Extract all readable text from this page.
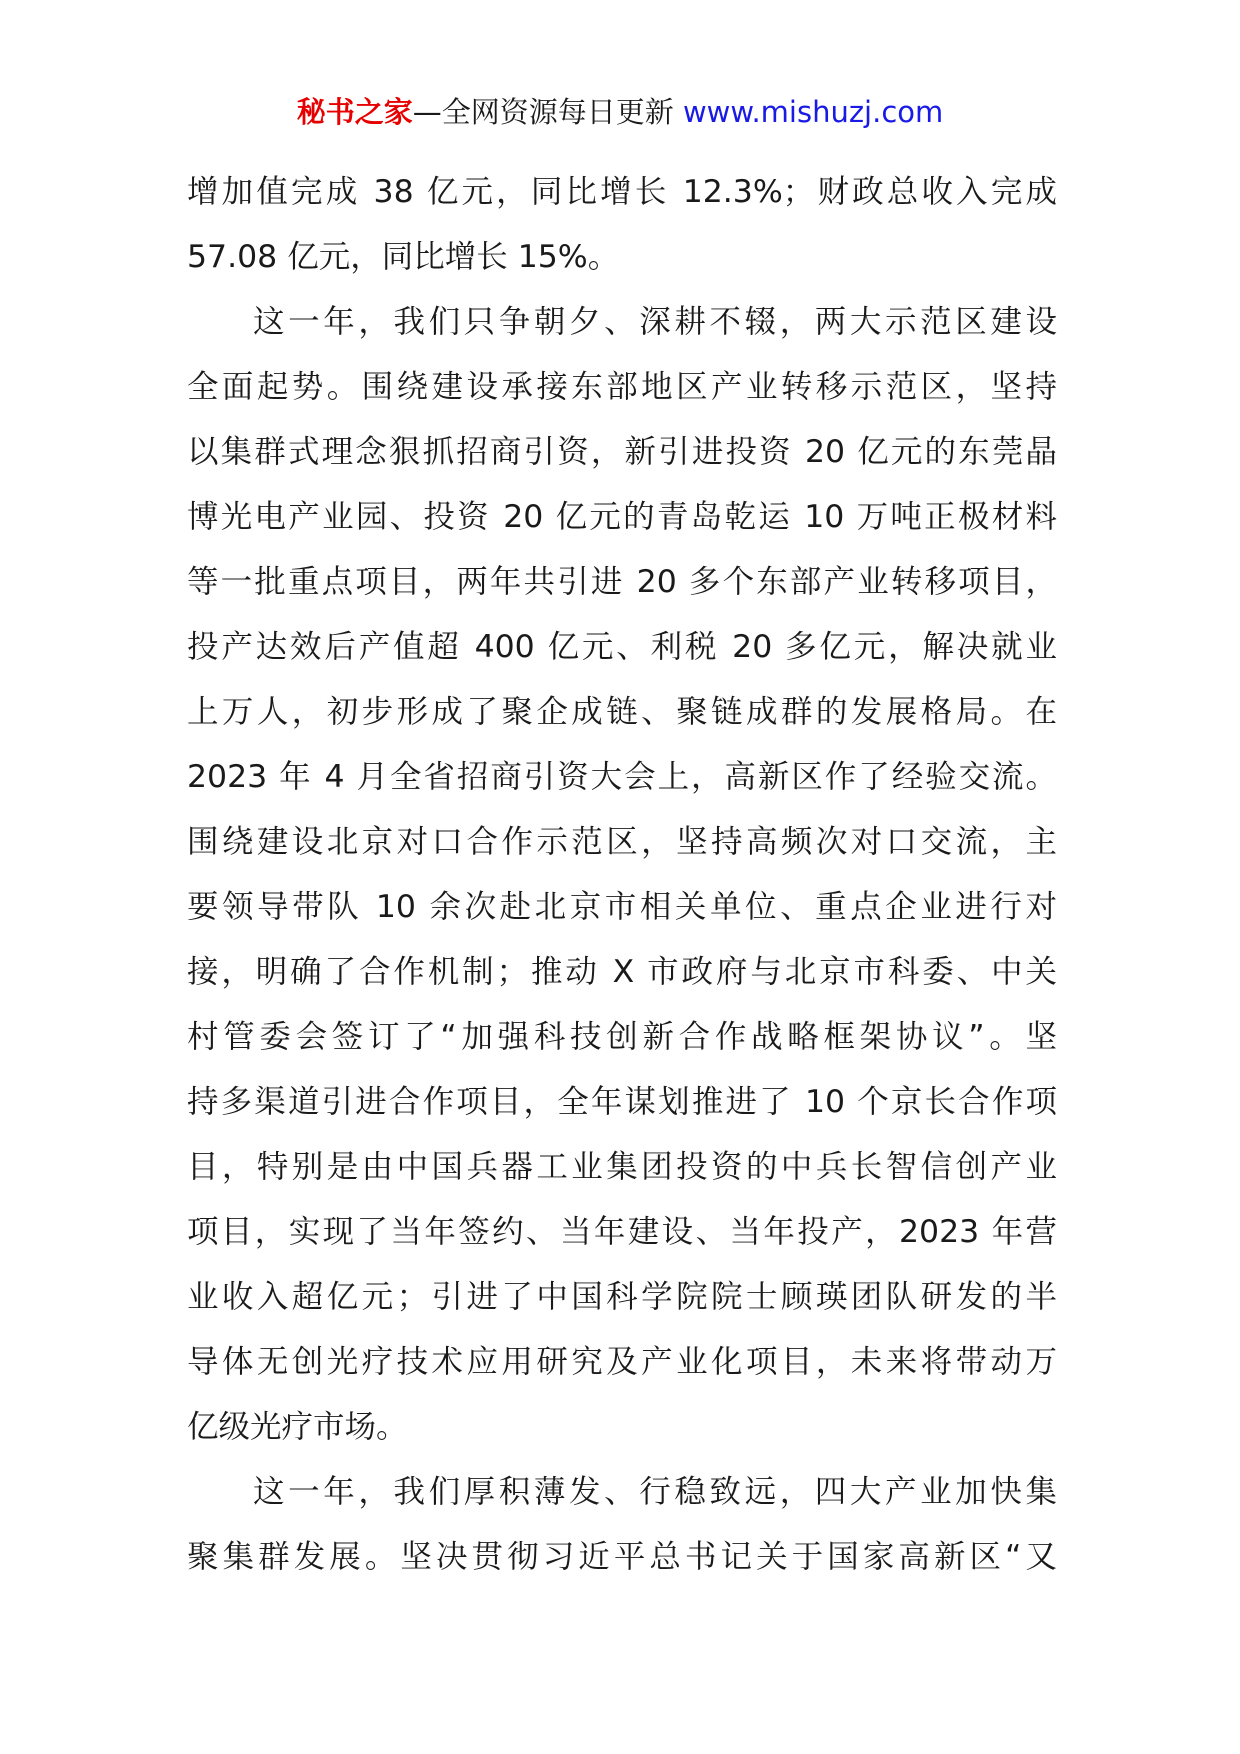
秘书之家—全网资源每日更新 www.mishuzj.com
增加值完成 38 亿元，同比增长 12.3%；财政总收入完成
57.08 亿元，同比增长 15%。
这一年，我们只争朝夕、深耕不辍，两大示范区建设
全面起势。围绕建设承接东部地区产业转移示范区，坚持
以集群式理念狠抓招商引资，新引进投资 20 亿元的东莞晶
博光电产业园、投资 20 亿元的青岛乾运 10 万吨正极材料
等一批重点项目，两年共引进 20 多个东部产业转移项目，
投产达效后产值超 400 亿元、利税 20 多亿元，解决就业
上万人，初步形成了聚企成链、聚链成群的发展格局。在
2023 年 4 月全省招商引资大会上，高新区作了经验交流。
围绕建设北京对口合作示范区，坚持高频次对口交流，主
要领导带队 10 余次赴北京市相关单位、重点企业进行对
接，明确了合作机制；推动 X 市政府与北京市科委、中关
村管委会签订了“加强科技创新合作战略框架协议”。坚
持多渠道引进合作项目，全年谋划推进了 10 个京长合作项
目，特别是由中国兵器工业集团投资的中兵长智信创产业
项目，实现了当年签约、当年建设、当年投产，2023 年营
业收入超亿元；引进了中国科学院院士顾瑛团队研发的半
导体无创光疗技术应用研究及产业化项目，未来将带动万
亿级光疗市场。
这一年，我们厚积薄发、行稳致远，四大产业加快集
聚集群发展。坚决贯彻习近平总书记关于国家高新区“又
